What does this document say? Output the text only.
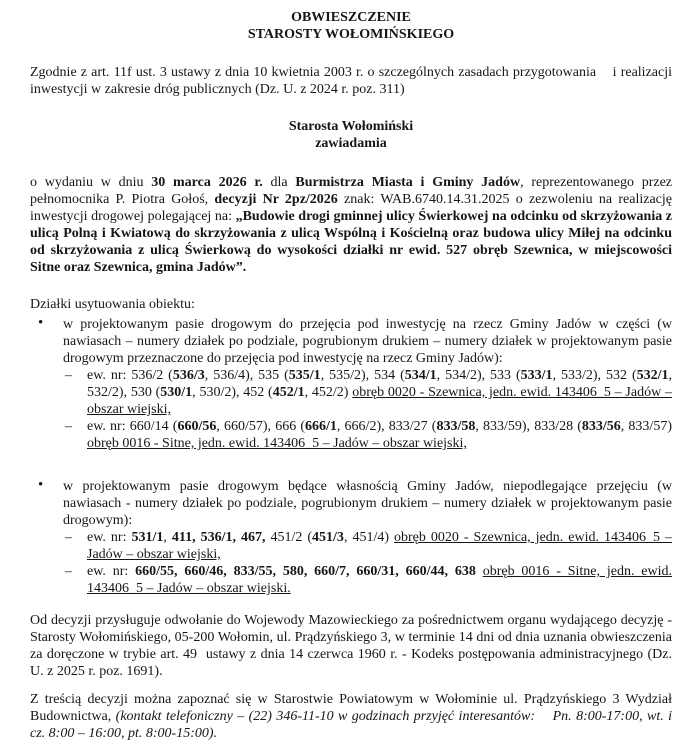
OBWIESZCZENIE
STAROSTY WOŁOMIŃSKIEGO

Zgodnie z art. 11f ust. 3 ustawy z dnia 10 kwietnia 2003 r. o szczególnych zasadach przygotowania    i realizacji inwestycji w zakresie dróg publicznych (Dz. U. z 2024 r. poz. 311)

Starosta Wołomiński
zawiadamia

o wydaniu w dniu 30 marca 2026 r. dla Burmistrza Miasta i Gminy Jadów, reprezentowanego przez pełnomocnika P. Piotra Gołoś, decyzji Nr 2pz/2026 znak: WAB.6740.14.31.2025 o zezwoleniu na realizację inwestycji drogowej polegającej na: „Budowie drogi gminnej ulicy Świerkowej na odcinku od skrzyżowania z ulicą Polną i Kwiatową do skrzyżowania z ulicą Wspólną i Kościelną oraz budowa ulicy Miłej na odcinku od skrzyżowania z ulicą Świerkową do wysokości działki nr ewid. 527 obręb Szewnica, w miejscowości Sitne oraz Szewnica, gmina Jadów”.

Działki usytuowania obiektu:

• w projektowanym pasie drogowym do przejęcia pod inwestycję na rzecz Gminy Jadów w części (w nawiasach – numery działek po podziale, pogrubionym drukiem – numery działek w projektowanym pasie drogowym przeznaczone do przejęcia pod inwestycję na rzecz Gminy Jadów):
– ew. nr: 536/2 (536/3, 536/4), 535 (535/1, 535/2), 534 (534/1, 534/2), 533 (533/1, 533/2), 532 (532/1, 532/2), 530 (530/1, 530/2), 452 (452/1, 452/2) obręb 0020 - Szewnica, jedn. ewid. 143406_5 – Jadów – obszar wiejski,
– ew. nr: 660/14 (660/56, 660/57), 666 (666/1, 666/2), 833/27 (833/58, 833/59), 833/28 (833/56, 833/57) obręb 0016 - Sitne, jedn. ewid. 143406_5 – Jadów – obszar wiejski,
• w projektowanym pasie drogowym będące własnością Gminy Jadów, niepodlegające przejęciu (w nawiasach - numery działek po podziale, pogrubionym drukiem – numery działek w projektowanym pasie drogowym):
– ew. nr: 531/1, 411, 536/1, 467, 451/2 (451/3, 451/4) obręb 0020 - Szewnica, jedn. ewid. 143406_5 – Jadów – obszar wiejski,
– ew. nr: 660/55, 660/46, 833/55, 580, 660/7, 660/31, 660/44, 638 obręb 0016 - Sitne, jedn. ewid. 143406_5 – Jadów – obszar wiejski.

Od decyzji przysługuje odwołanie do Wojewody Mazowieckiego za pośrednictwem organu wydającego decyzję - Starosty Wołomińskiego, 05-200 Wołomin, ul. Prądzyńskiego 3, w terminie 14 dni od dnia uznania obwieszczenia za doręczone w trybie art. 49  ustawy z dnia 14 czerwca 1960 r. - Kodeks postępowania administracyjnego (Dz. U. z 2025 r. poz. 1691).

Z treścią decyzji można zapoznać się w Starostwie Powiatowym w Wołominie ul. Prądzyńskiego 3 Wydział Budownictwa, (kontakt telefoniczny – (22) 346-11-10 w godzinach przyjęć interesantów:    Pn. 8:00-17:00, wt. i cz. 8:00 – 16:00, pt. 8:00-15:00).
